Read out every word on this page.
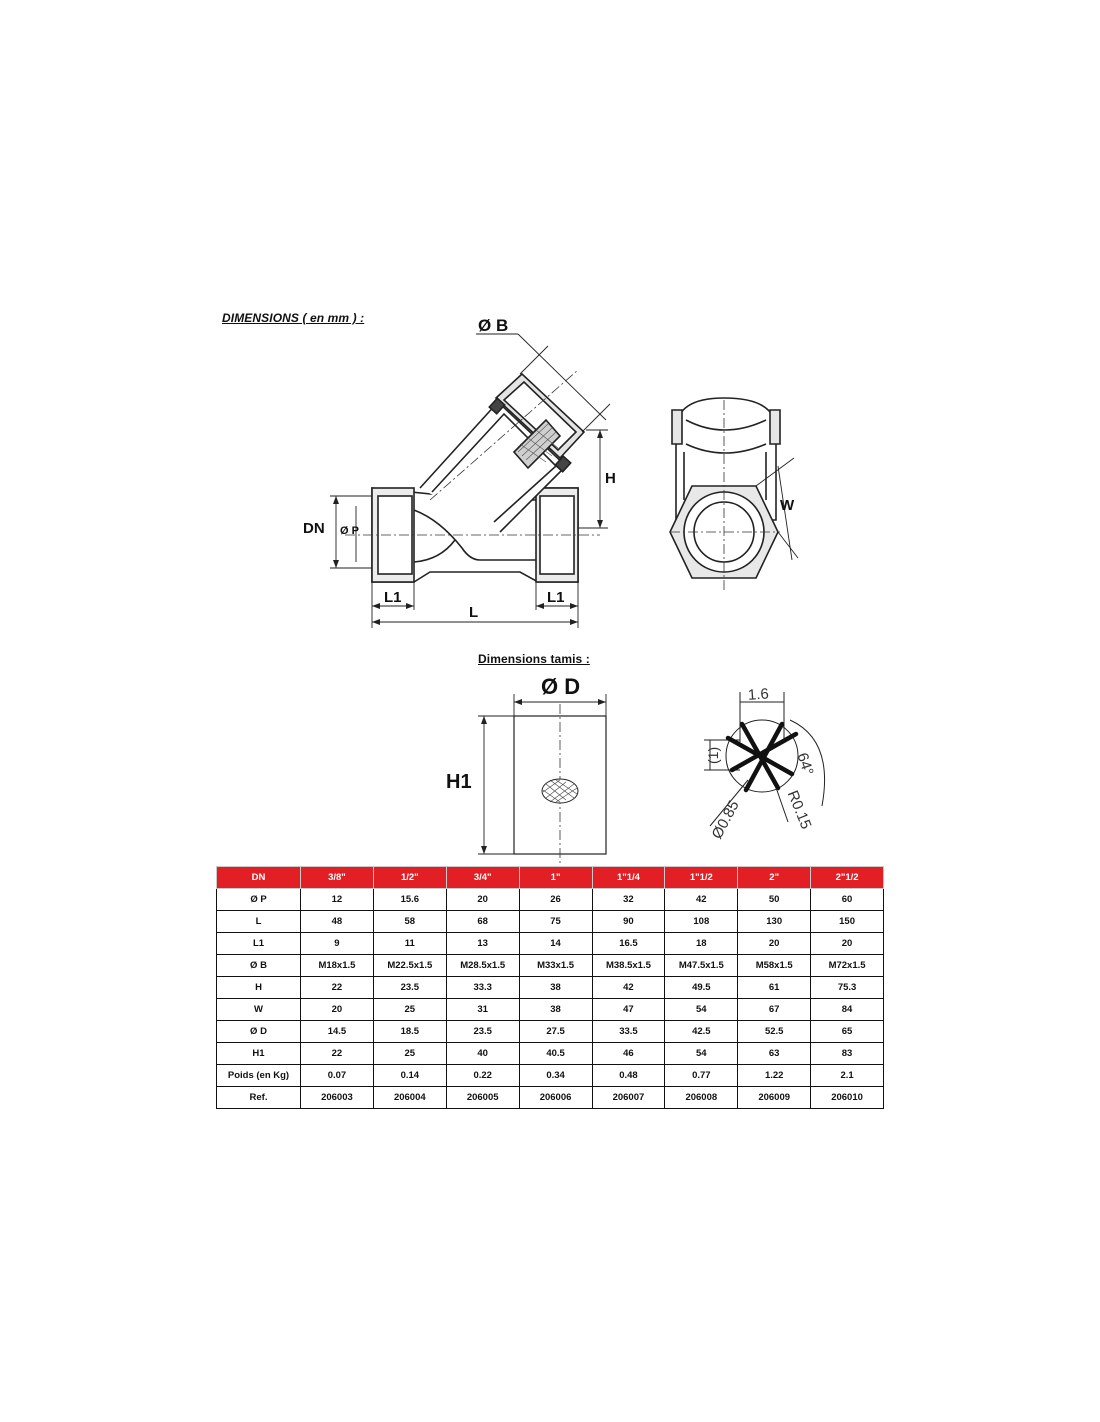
DIMENSIONS ( en mm ) :
Dimensions tamis :
Ø B
H
DN Ø P
L1
L
L1
W
Ø D
H1
1.6
(1)
Ø0.85	R0.15
64°
DN	3/8"	1/2"	3/4"	1"	1"1/4	1"1/2	2"	2"1/2
Ø P	12	15.6	20	26	32	42	50	60
L	48	58	68	75	90	108	130	150
L1	9	11	13	14	16.5	18	20	20
Ø B	M18x1.5	M22.5x1.5	M28.5x1.5	M33x1.5	M38.5x1.5	M47.5x1.5	M58x1.5	M72x1.5
H	22	23.5	33.3	38	42	49.5	61	75.3
W	20	25	31	38	47	54	67	84
Ø D	14.5	18.5	23.5	27.5	33.5	42.5	52.5	65
H1	22	25	40	40.5	46	54	63	83
Poids (en Kg)	0.07	0.14	0.22	0.34	0.48	0.77	1.22	2.1
Ref.	206003	206004	206005	206006	206007	206008	206009	206010
